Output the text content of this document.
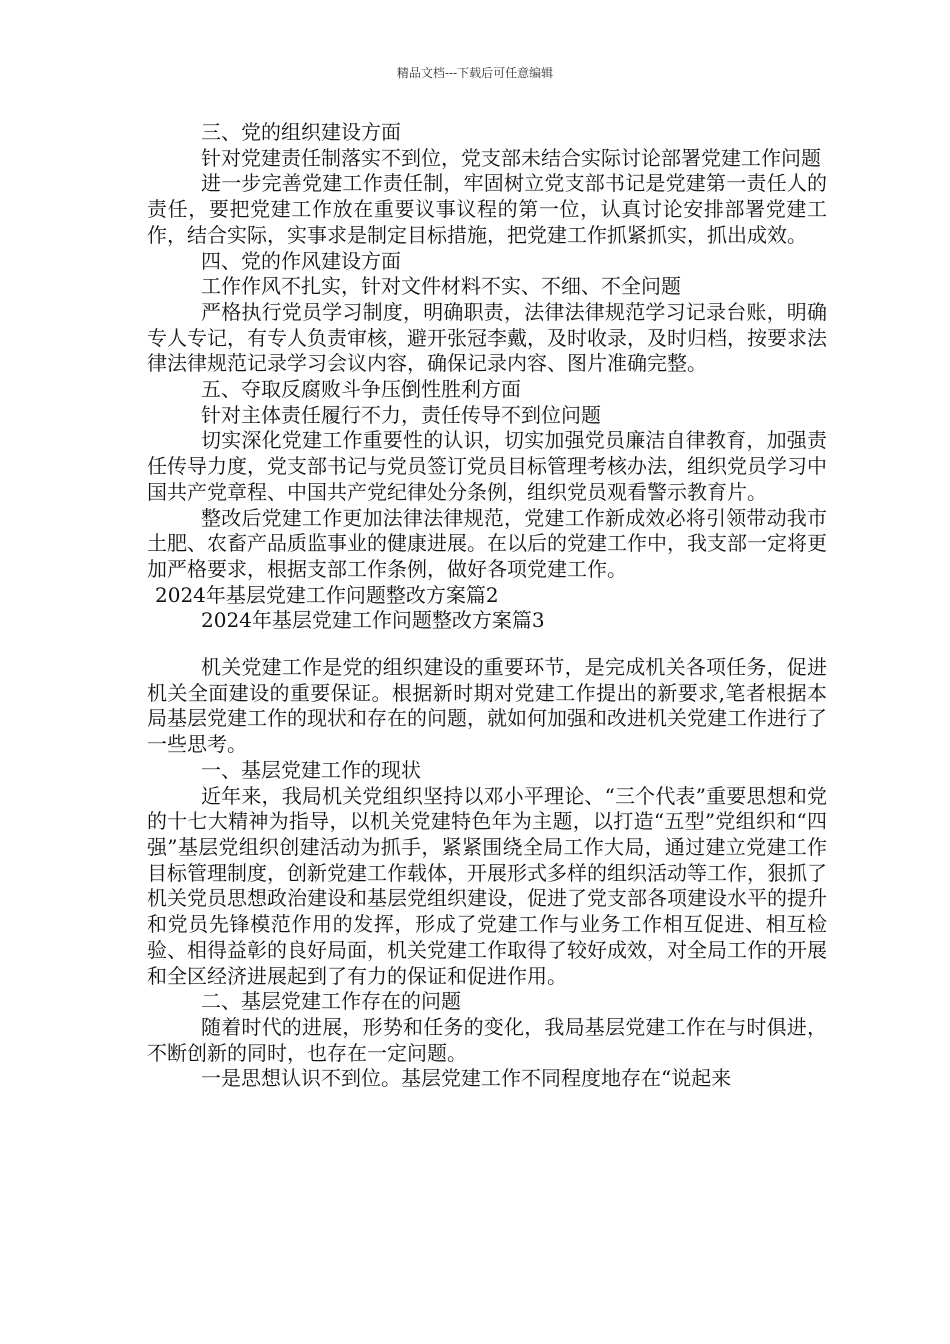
精品文档---下载后可任意编辑

三、党的组织建设方面

针对党建责任制落实不到位，党支部未结合实际讨论部署党建工作问题

进一步完善党建工作责任制，牢固树立党支部书记是党建第一责任人的责任，要把党建工作放在重要议事议程的第一位，认真讨论安排部署党建工作，结合实际，实事求是制定目标措施，把党建工作抓紧抓实，抓出成效。

四、党的作风建设方面

工作作风不扎实，针对文件材料不实、不细、不全问题

严格执行党员学习制度，明确职责，法律法律规范学习记录台账，明确专人专记，有专人负责审核，避开张冠李戴，及时收录，及时归档，按要求法律法律规范记录学习会议内容，确保记录内容、图片准确完整。

五、夺取反腐败斗争压倒性胜利方面

针对主体责任履行不力，责任传导不到位问题

切实深化党建工作重要性的认识，切实加强党员廉洁自律教育，加强责任传导力度，党支部书记与党员签订党员目标管理考核办法，组织党员学习中国共产党章程、中国共产党纪律处分条例，组织党员观看警示教育片。

整改后党建工作更加法律法律规范，党建工作新成效必将引领带动我市土肥、农畜产品质监事业的健康进展。在以后的党建工作中，我支部一定将更加严格要求，根据支部工作条例，做好各项党建工作。

2024年基层党建工作问题整改方案篇2

2024年基层党建工作问题整改方案篇3

机关党建工作是党的组织建设的重要环节，是完成机关各项任务，促进机关全面建设的重要保证。根据新时期对党建工作提出的新要求,笔者根据本局基层党建工作的现状和存在的问题，就如何加强和改进机关党建工作进行了一些思考。

一、基层党建工作的现状

近年来，我局机关党组织坚持以邓小平理论、“三个代表”重要思想和党的十七大精神为指导，以机关党建特色年为主题，以打造“五型”党组织和“四强”基层党组织创建活动为抓手，紧紧围绕全局工作大局，通过建立党建工作目标管理制度，创新党建工作载体，开展形式多样的组织活动等工作，狠抓了机关党员思想政治建设和基层党组织建设，促进了党支部各项建设水平的提升和党员先锋模范作用的发挥，形成了党建工作与业务工作相互促进、相互检验、相得益彰的良好局面，机关党建工作取得了较好成效，对全局工作的开展和全区经济进展起到了有力的保证和促进作用。

二、基层党建工作存在的问题

随着时代的进展，形势和任务的变化，我局基层党建工作在与时俱进，不断创新的同时，也存在一定问题。

一是思想认识不到位。基层党建工作不同程度地存在“说起来
